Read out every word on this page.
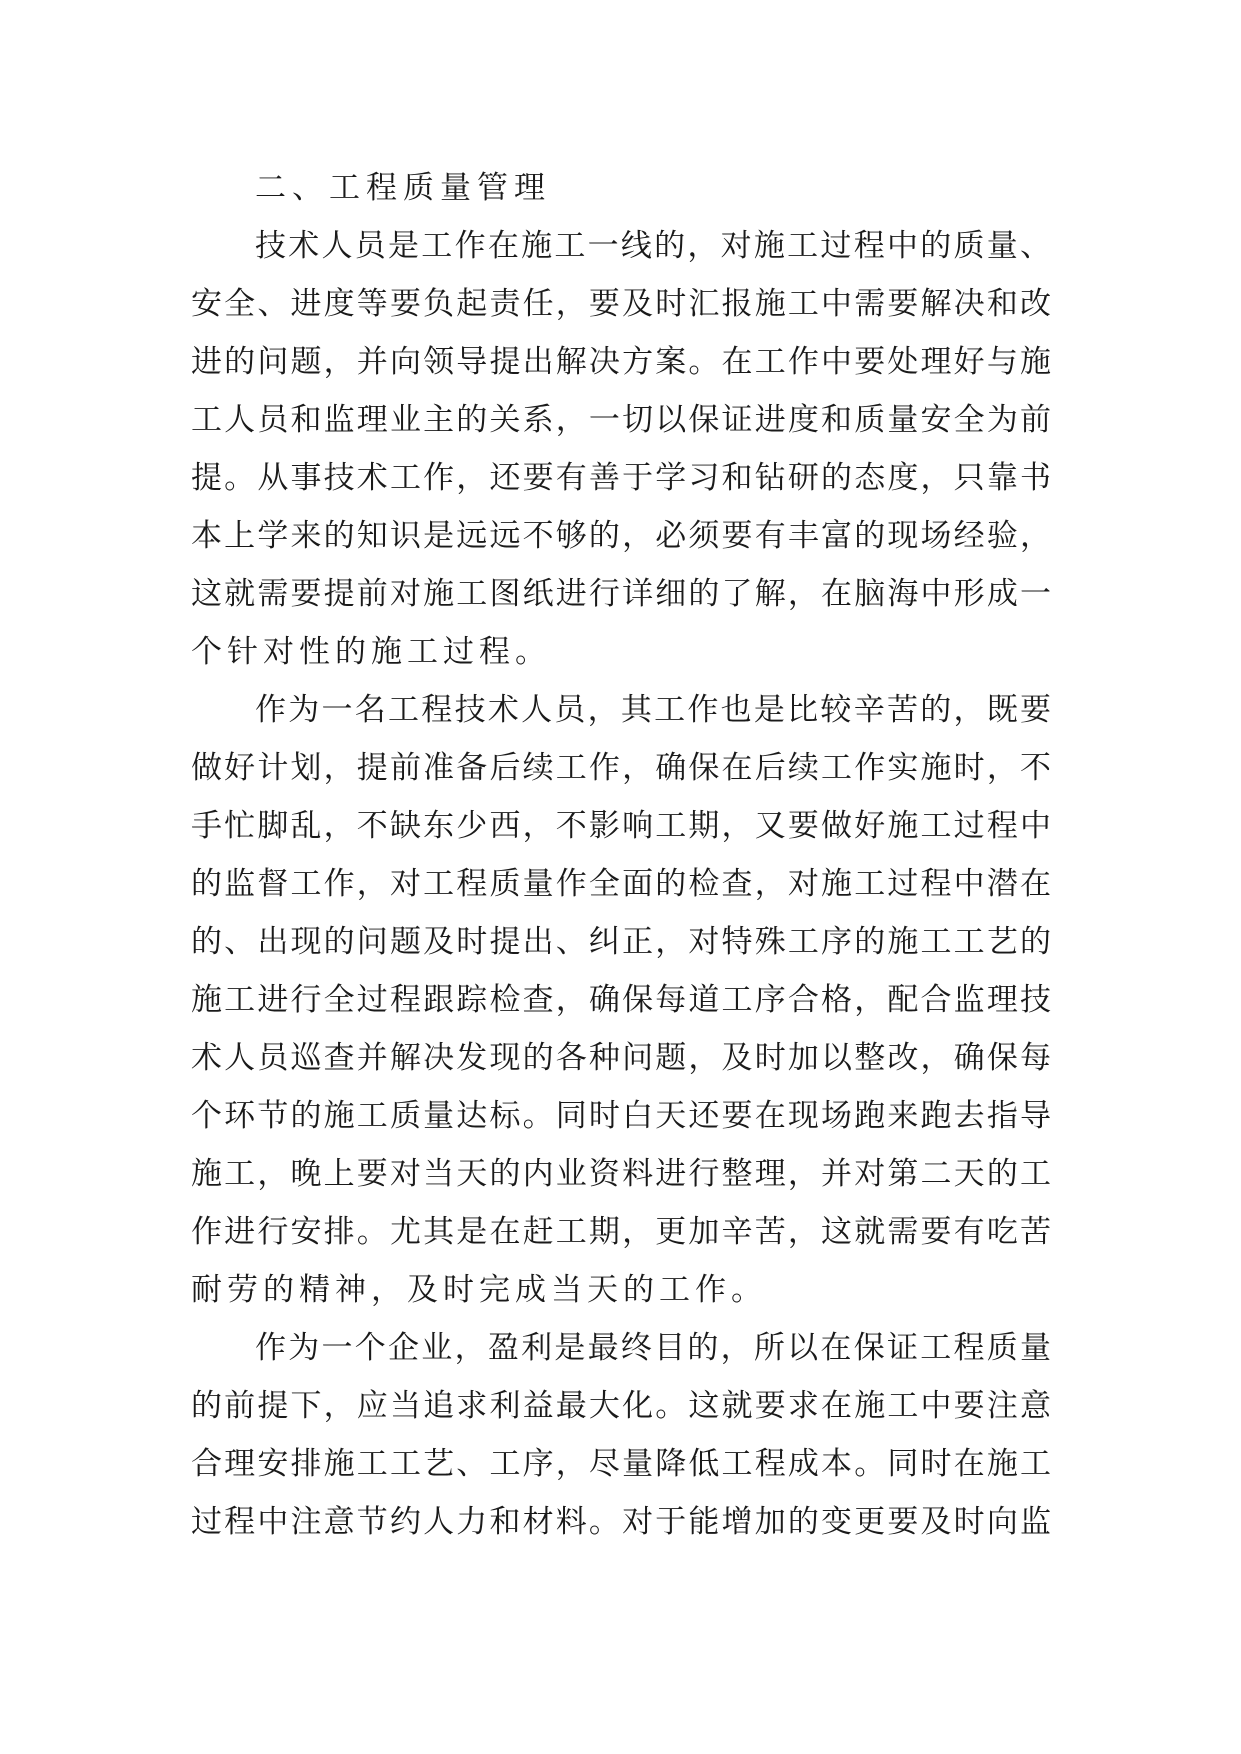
二、工程质量管理
技术人员是工作在施工一线的，对施工过程中的质量、
安全、进度等要负起责任，要及时汇报施工中需要解决和改
进的问题，并向领导提出解决方案。在工作中要处理好与施
工人员和监理业主的关系，一切以保证进度和质量安全为前
提。从事技术工作，还要有善于学习和钻研的态度，只靠书
本上学来的知识是远远不够的，必须要有丰富的现场经验，
这就需要提前对施工图纸进行详细的了解，在脑海中形成一
个针对性的施工过程。
作为一名工程技术人员，其工作也是比较辛苦的，既要
做好计划，提前准备后续工作，确保在后续工作实施时，不
手忙脚乱，不缺东少西，不影响工期，又要做好施工过程中
的监督工作，对工程质量作全面的检查，对施工过程中潜在
的、出现的问题及时提出、纠正，对特殊工序的施工工艺的
施工进行全过程跟踪检查，确保每道工序合格，配合监理技
术人员巡查并解决发现的各种问题，及时加以整改，确保每
个环节的施工质量达标。同时白天还要在现场跑来跑去指导
施工，晚上要对当天的内业资料进行整理，并对第二天的工
作进行安排。尤其是在赶工期，更加辛苦，这就需要有吃苦
耐劳的精神，及时完成当天的工作。
作为一个企业，盈利是最终目的，所以在保证工程质量
的前提下，应当追求利益最大化。这就要求在施工中要注意
合理安排施工工艺、工序，尽量降低工程成本。同时在施工
过程中注意节约人力和材料。对于能增加的变更要及时向监
